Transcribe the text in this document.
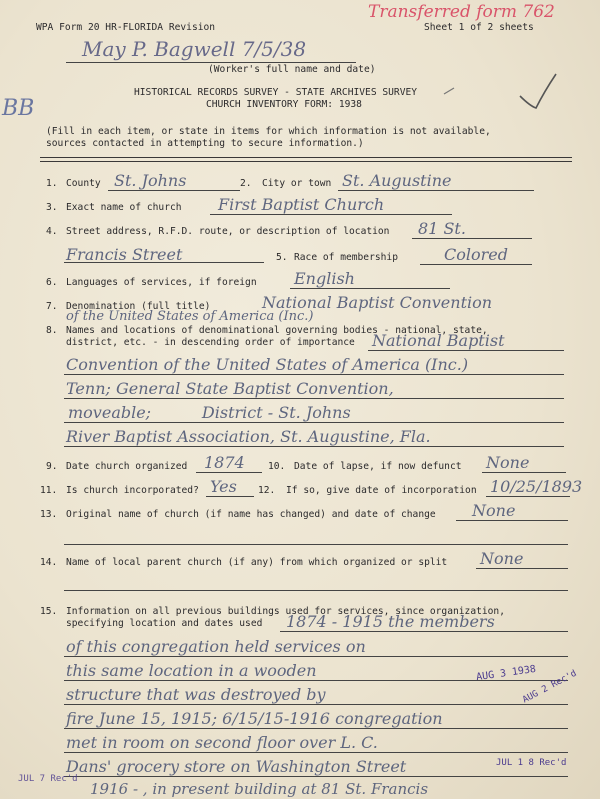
WPA Form 20 HR-FLORIDA Revision	Sheet 1 of 2 sheets
Transferred form 762
BB
May P. Bagwell 7/5/38
(Worker's full name and date)
HISTORICAL RECORDS SURVEY - STATE ARCHIVES SURVEY
CHURCH INVENTORY FORM: 1938
(Fill in each item, or state in items for which information is not available,
sources contacted in attempting to secure information.)
1. County St. Johns	2. City or town St. Augustine
3. Exact name of church First Baptist Church
4. Street address, R.F.D. route, or description of location 81 St.
Francis Street	5. Race of membership	Colored
6. Languages of services, if foreign English
7. Denomination (full title)	National Baptist Convention
of the United States of America (Inc.)
8. Names and locations of denominational governing bodies - national, state,
district, etc. - in descending order of importance National Baptist
Convention of the United States of America (Inc.)
Tenn; General State Baptist Convention,
moveable;          District - St. Johns
River Baptist Association, St. Augustine, Fla.
9. Date church organized 1874 10. Date of lapse, if now defunct None
11. Is church incorporated? Yes 12. If so, give date of incorporation 10/25/1893
13. Original name of church (if name has changed) and date of change None
14. Name of local parent church (if any) from which organized or split None
15. Information on all previous buildings used for services, since organization,
specifying location and dates used 1874 - 1915 the members
of this congregation held services on
this same location in a wooden
structure that was destroyed by
fire June 15, 1915; 6/15/15-1916 congregation
met in room on second floor over L. C.
Dans' grocery store on Washington Street
1916 - , in present building at 81 St. Francis
AUG 3 1938
AUG 2 Rec'd
JUL 1 8 Rec'd
JUL 7 Rec'd
